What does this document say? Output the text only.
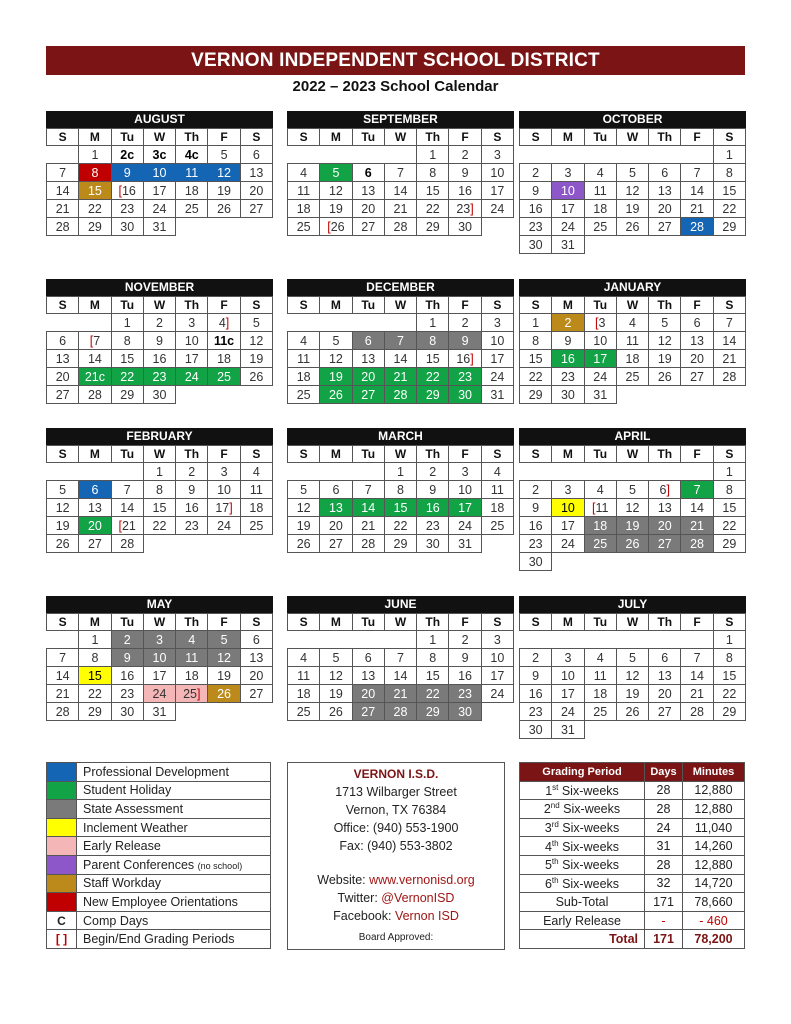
VERNON INDEPENDENT SCHOOL DISTRICT
2022 – 2023 School Calendar
AUGUST
S	M	Tu	W	Th	F	S
	1	2c	3c	4c	5	6
7	8	9	10	11	12	13
14	15	[16	17	18	19	20
21	22	23	24	25	26	27
28	29	30	31			
SEPTEMBER
S	M	Tu	W	Th	F	S
				1	2	3
4	5	6	7	8	9	10
11	12	13	14	15	16	17
18	19	20	21	22	23]	24
25	[26	27	28	29	30	
OCTOBER
S	M	Tu	W	Th	F	S
						1
2	3	4	5	6	7	8
9	10	11	12	13	14	15
16	17	18	19	20	21	22
23	24	25	26	27	28	29
30	31					
NOVEMBER
S	M	Tu	W	Th	F	S
		1	2	3	4]	5
6	[7	8	9	10	11c	12
13	14	15	16	17	18	19
20	21c	22	23	24	25	26
27	28	29	30			
DECEMBER
S	M	Tu	W	Th	F	S
				1	2	3
4	5	6	7	8	9	10
11	12	13	14	15	16]	17
18	19	20	21	22	23	24
25	26	27	28	29	30	31
JANUARY
S	M	Tu	W	Th	F	S
1	2	[3	4	5	6	7
8	9	10	11	12	13	14
15	16	17	18	19	20	21
22	23	24	25	26	27	28
29	30	31				
FEBRUARY
S	M	Tu	W	Th	F	S
			1	2	3	4
5	6	7	8	9	10	11
12	13	14	15	16	17]	18
19	20	[21	22	23	24	25
26	27	28				
MARCH
S	M	Tu	W	Th	F	S
			1	2	3	4
5	6	7	8	9	10	11
12	13	14	15	16	17	18
19	20	21	22	23	24	25
26	27	28	29	30	31	
APRIL
S	M	Tu	W	Th	F	S
						1
2	3	4	5	6]	7	8
9	10	[11	12	13	14	15
16	17	18	19	20	21	22
23	24	25	26	27	28	29
30						
MAY
S	M	Tu	W	Th	F	S
	1	2	3	4	5	6
7	8	9	10	11	12	13
14	15	16	17	18	19	20
21	22	23	24	25]	26	27
28	29	30	31			
JUNE
S	M	Tu	W	Th	F	S
				1	2	3
4	5	6	7	8	9	10
11	12	13	14	15	16	17
18	19	20	21	22	23	24
25	26	27	28	29	30	
JULY
S	M	Tu	W	Th	F	S
						1
2	3	4	5	6	7	8
9	10	11	12	13	14	15
16	17	18	19	20	21	22
23	24	25	26	27	28	29
30	31					
	Professional Development
	Student Holiday
	State Assessment
	Inclement Weather
	Early Release
	Parent Conferences (no school)
	Staff Workday
	New Employee Orientations
C	Comp Days
[ ]	Begin/End Grading Periods
VERNON I.S.D.
1713 Wilbarger Street
Vernon, TX 76384
Office: (940) 553-1900
Fax: (940) 553-3802
Website: www.vernonisd.org
Twitter: @VernonISD
Facebook: Vernon ISD
Board Approved:
Grading Period	Days	Minutes
1st Six-weeks	28	12,880
2nd Six-weeks	28	12,880
3rd Six-weeks	24	11,040
4th Six-weeks	31	14,260
5th Six-weeks	28	12,880
6th Six-weeks	32	14,720
Sub-Total	171	78,660
Early Release	-	- 460
Total	171	78,200
